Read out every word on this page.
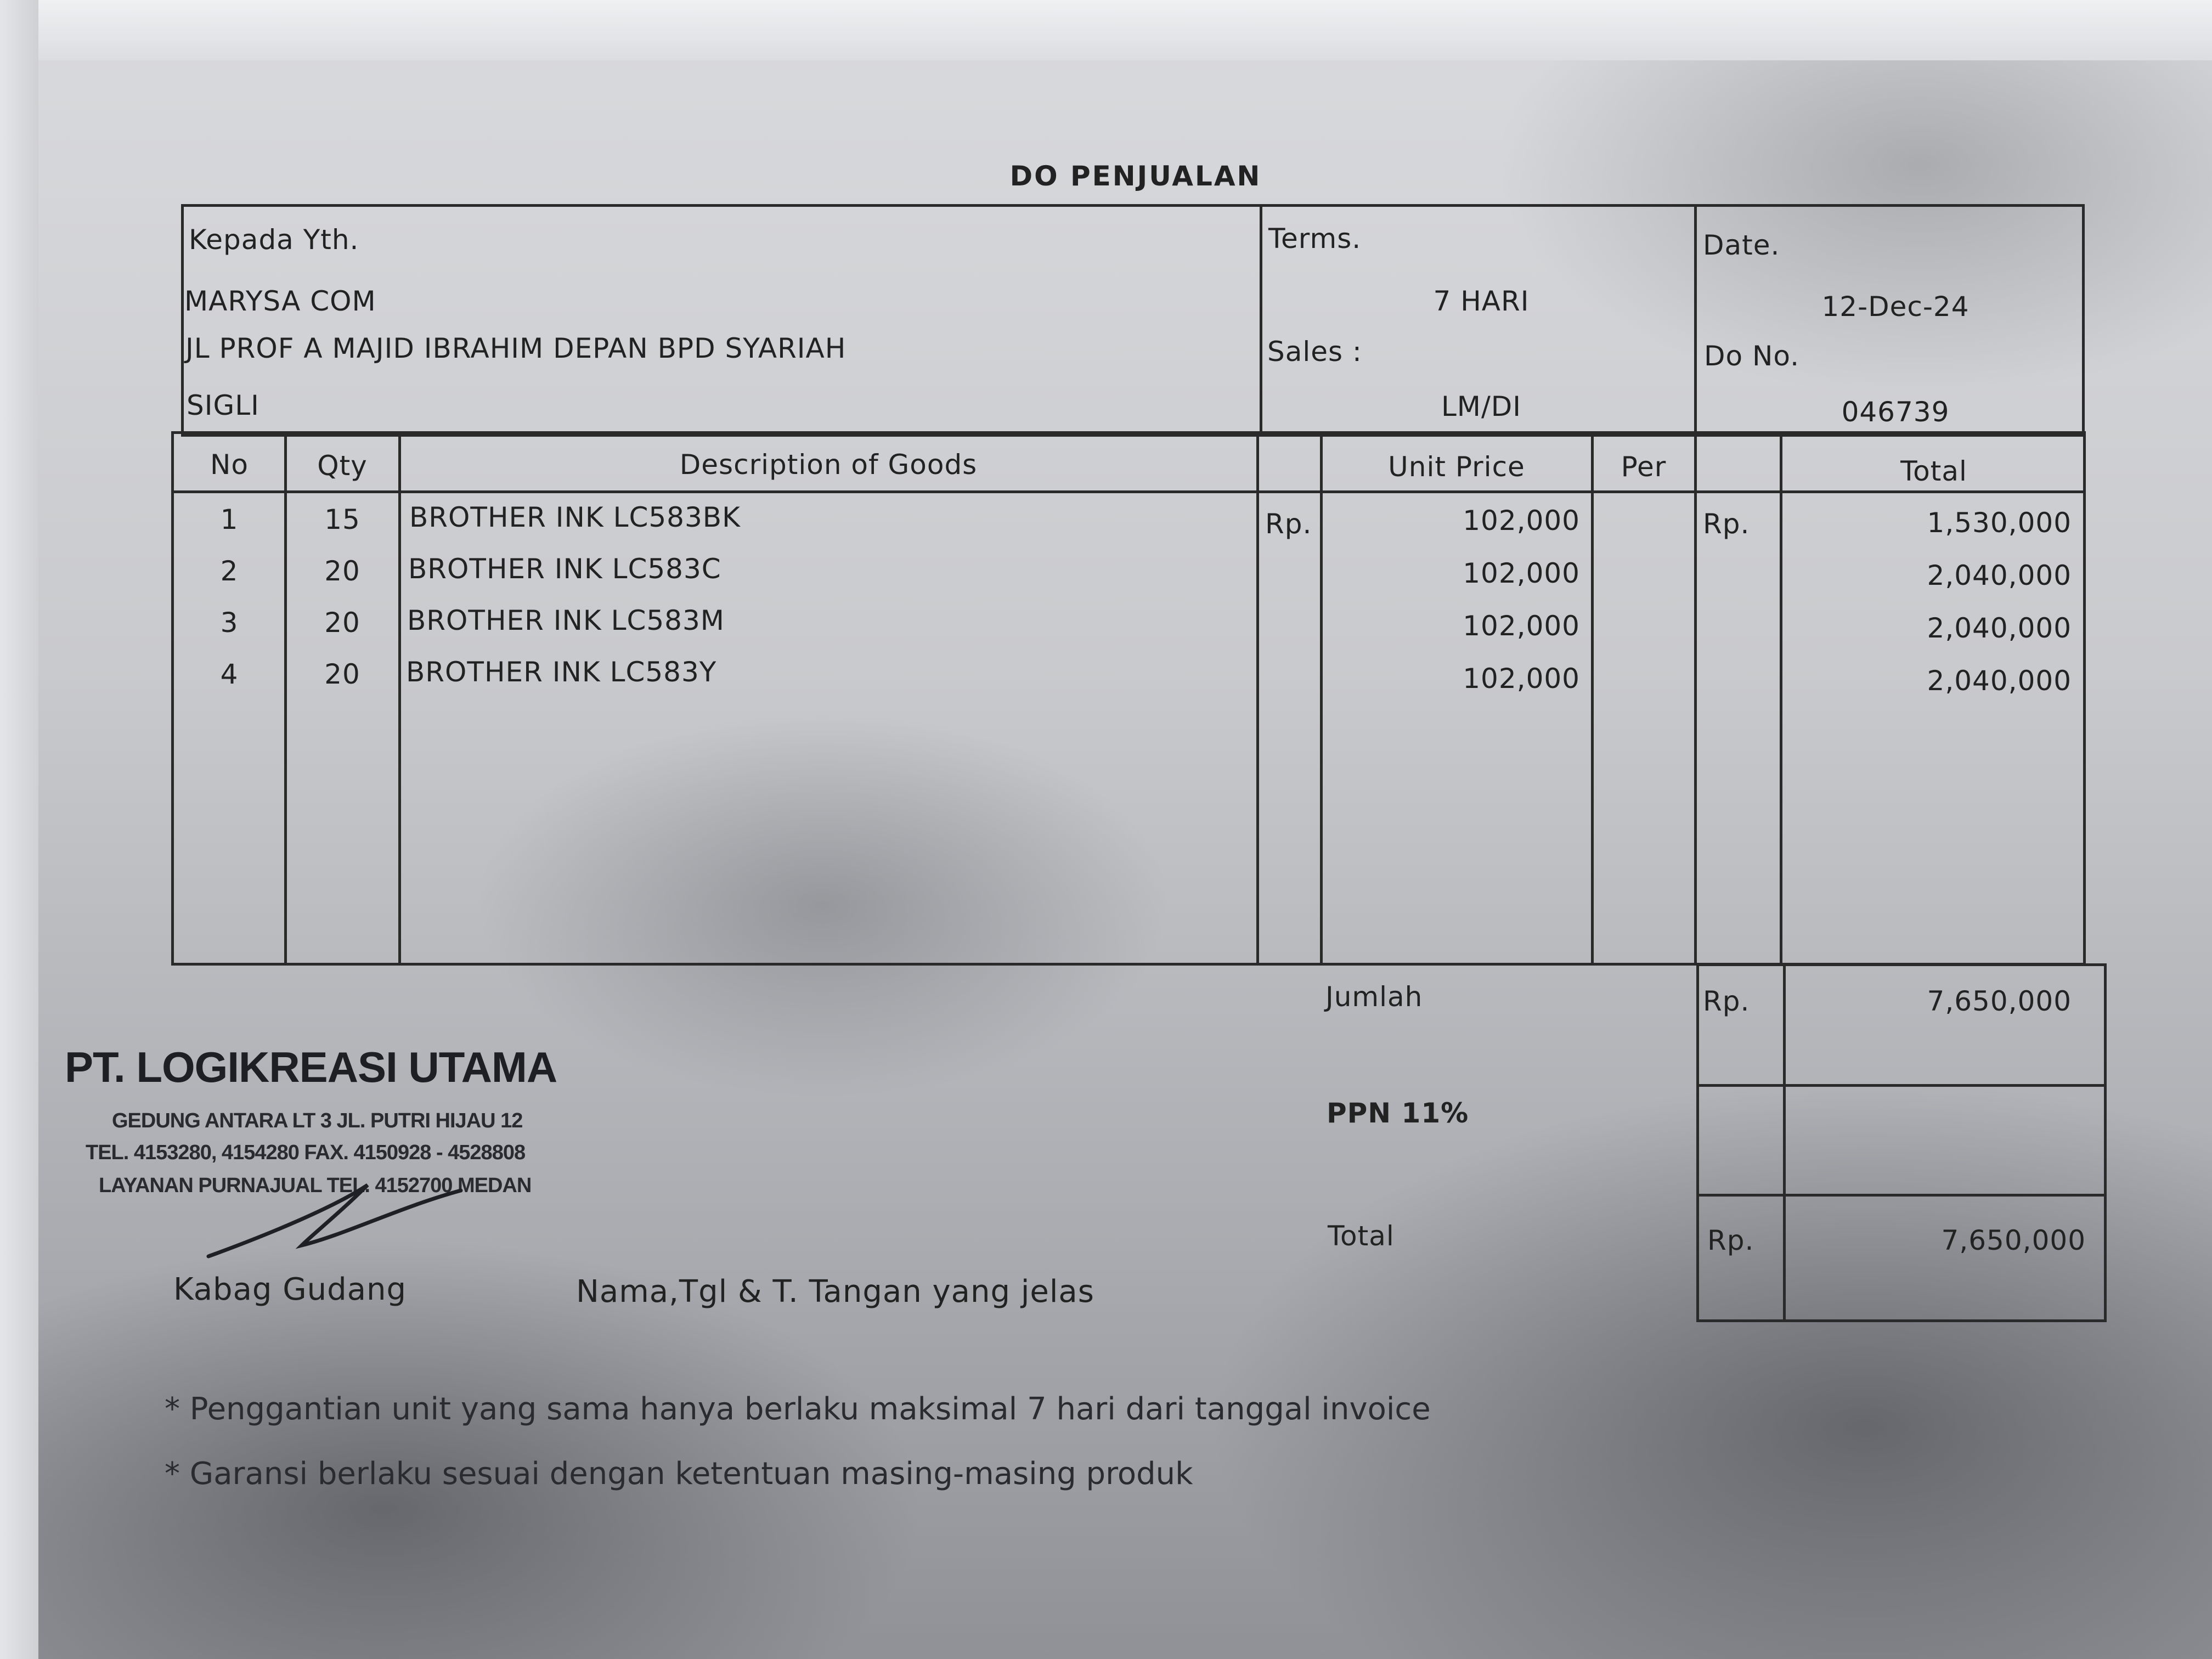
DO PENJUALAN
Kepada Yth.
MARYSA COM
JL PROF A MAJID IBRAHIM DEPAN BPD SYARIAH
SIGLI
Terms.
7 HARI
Sales :
LM/DI
Date.
12-Dec-24
Do No.
046739
No	Qty	Description of Goods	Unit Price	Per	Total
1	15	BROTHER INK LC583BK	Rp.	102,000	Rp.	1,530,000
2	20	BROTHER INK LC583C	102,000	2,040,000
3	20	BROTHER INK LC583M	102,000	2,040,000
4	20	BROTHER INK LC583Y	102,000	2,040,000
Jumlah	Rp.	7,650,000
PPN 11%
Total	Rp.	7,650,000
PT. LOGIKREASI UTAMA
GEDUNG ANTARA LT 3 JL. PUTRI HIJAU 12
TEL. 4153280, 4154280 FAX. 4150928 - 4528808
LAYANAN PURNAJUAL TEL. 4152700 MEDAN
Kabag Gudang	Nama,Tgl & T. Tangan yang jelas
* Penggantian unit yang sama hanya berlaku maksimal 7 hari dari tanggal invoice
* Garansi berlaku sesuai dengan ketentuan masing-masing produk
